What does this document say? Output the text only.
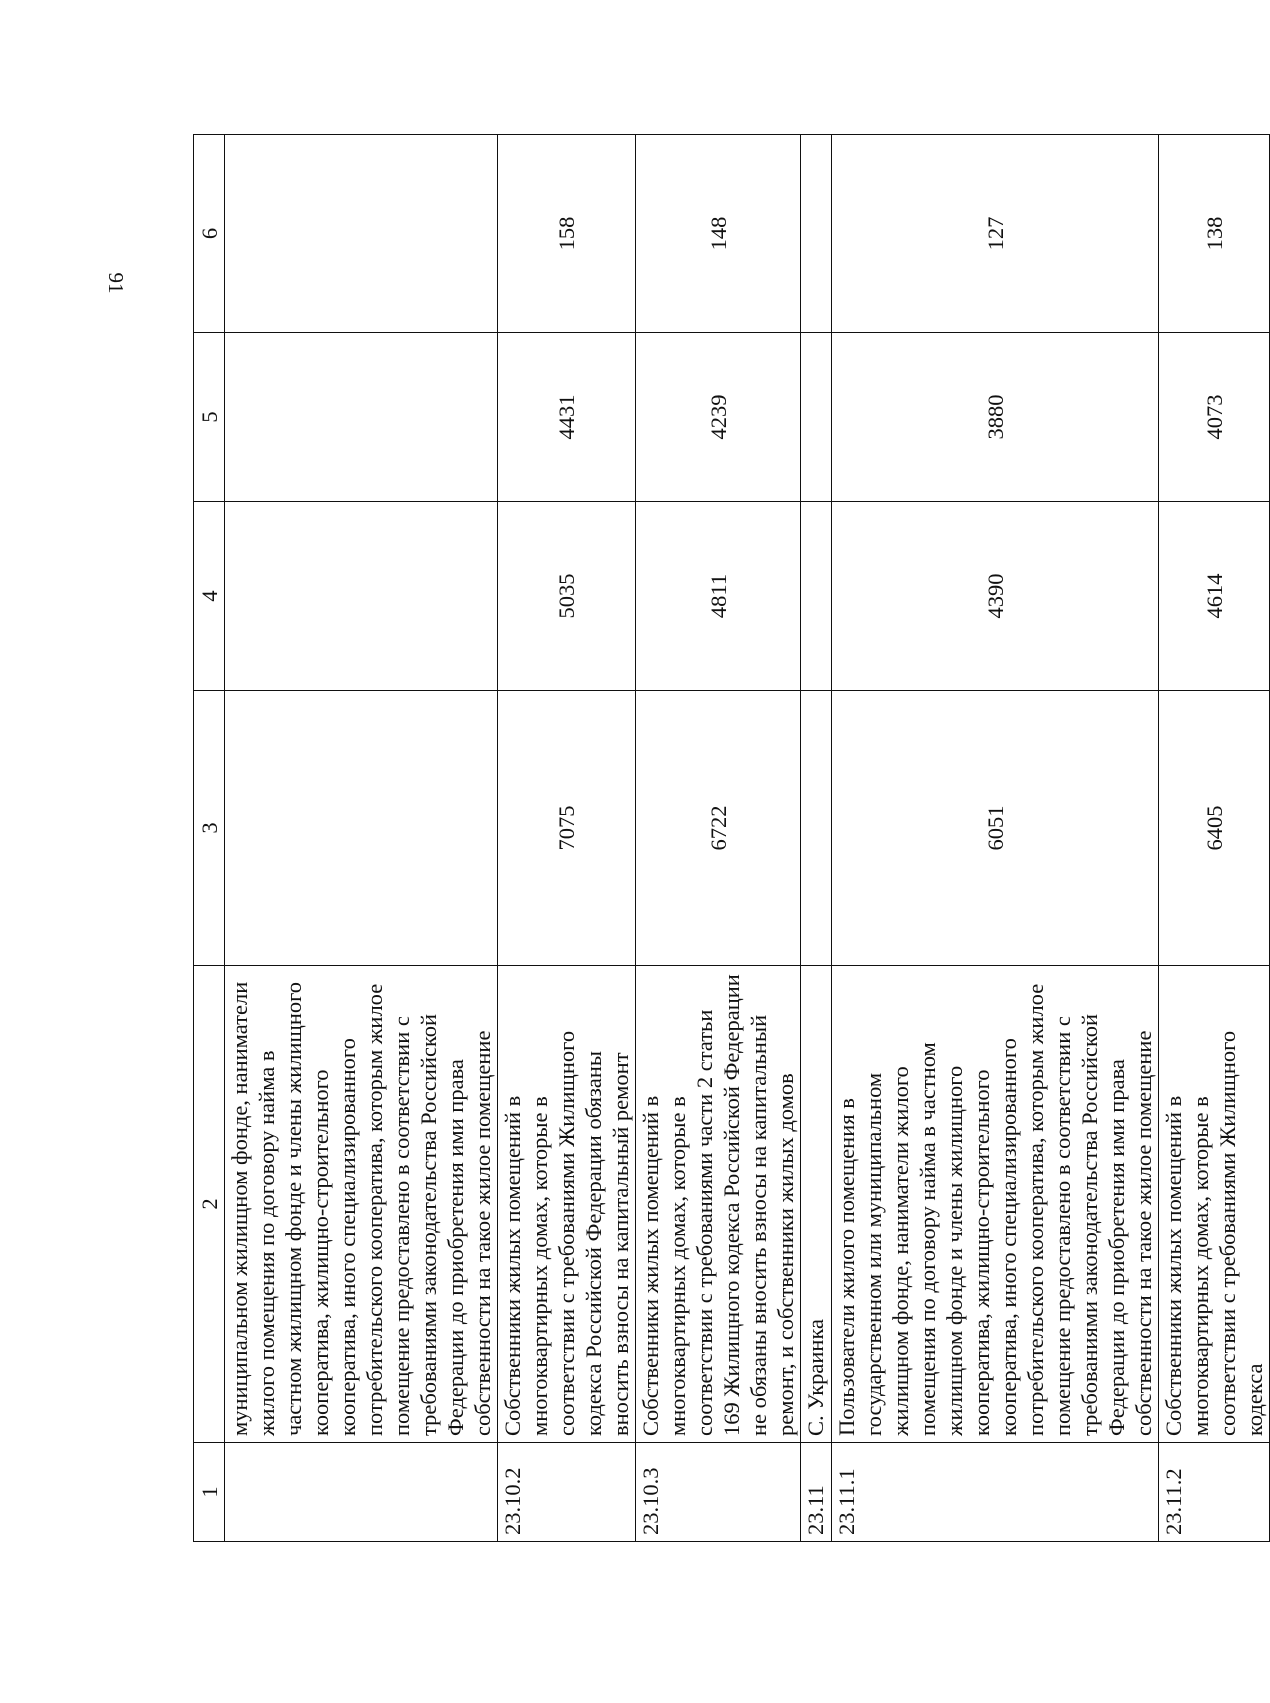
91
1	2	3	4	5	6
	муниципальном жилищном фонде, наниматели жилого помещения по договору найма в частном жилищном фонде и члены жилищного кооператива, жилищно-строительного кооператива, иного специализированного потребительского кооператива, которым жилое помещение предоставлено в соответствии с требованиями законодательства Российской Федерации до приобретения ими права собственности на такое жилое помещение				
23.10.2	Собственники жилых помещений в многоквартирных домах, которые в соответствии с требованиями Жилищного кодекса Российской Федерации обязаны вносить взносы на капитальный ремонт	7075	5035	4431	158
23.10.3	Собственники жилых помещений в многоквартирных домах, которые в соответствии с требованиями части 2 статьи 169 Жилищного кодекса Российской Федерации не обязаны вносить взносы на капитальный ремонт, и собственники жилых домов	6722	4811	4239	148
23.11	С. Украинка				
23.11.1	Пользователи жилого помещения в государственном или муниципальном жилищном фонде, наниматели жилого помещения по договору найма в частном жилищном фонде и члены жилищного кооператива, жилищно-строительного кооператива, иного специализированного потребительского кооператива, которым жилое помещение предоставлено в соответствии с требованиями законодательства Российской Федерации до приобретения ими права собственности на такое жилое помещение	6051	4390	3880	127
23.11.2	Собственники жилых помещений в многоквартирных домах, которые в соответствии с требованиями Жилищного кодекса	6405	4614	4073	138
